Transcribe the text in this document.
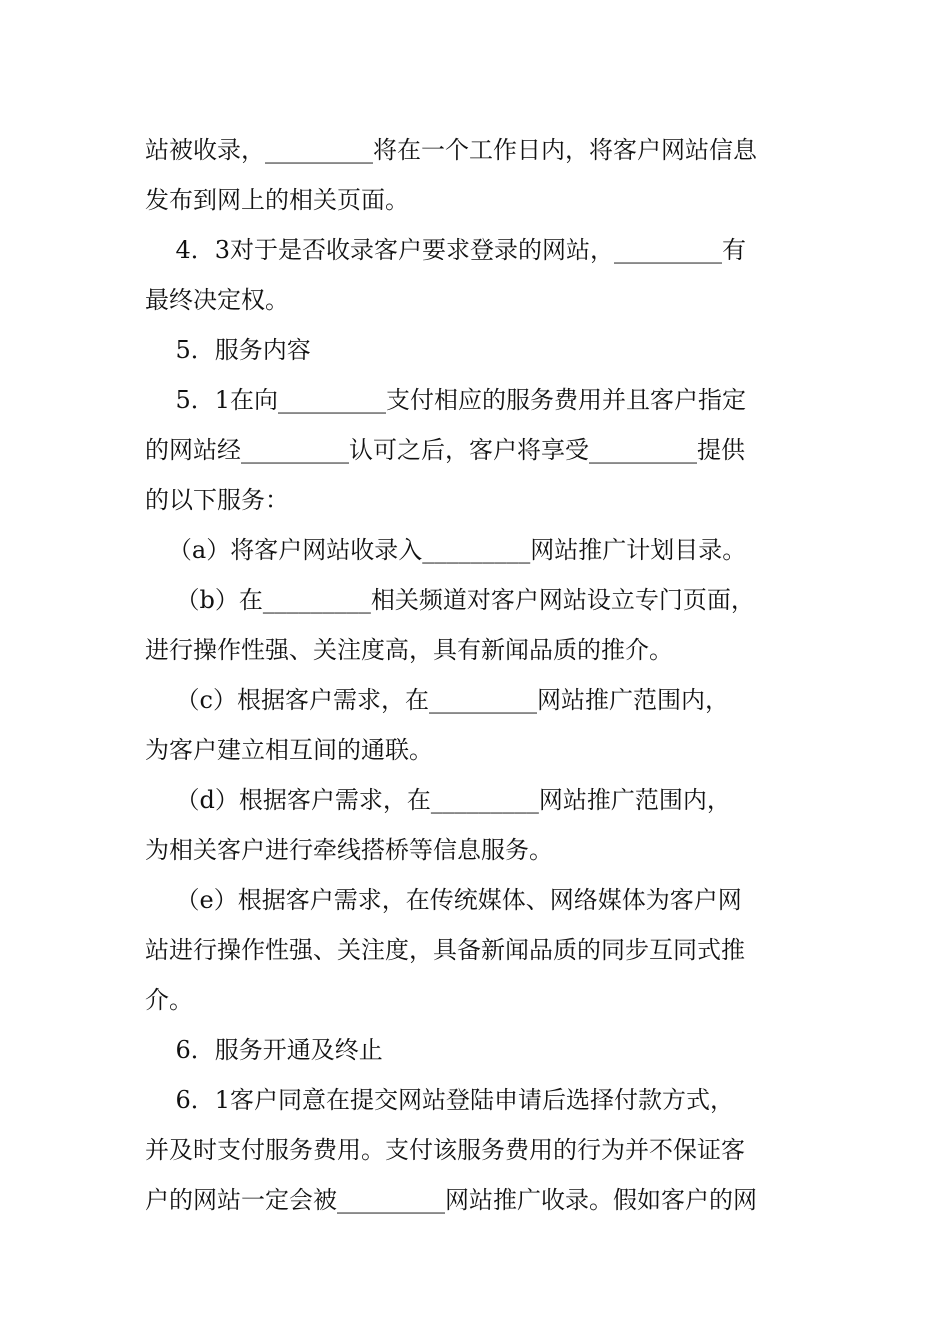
站被收录，_________将在一个工作日内，将客户网站信息
发布到网上的相关页面。
4．3对于是否收录客户要求登录的网站，_________有
最终决定权。
5．服务内容
5．1在向_________支付相应的服务费用并且客户指定
的网站经_________认可之后，客户将享受_________提供
的以下服务：
（a）将客户网站收录入_________网站推广计划目录。
（b）在_________相关频道对客户网站设立专门页面，
进行操作性强、关注度高，具有新闻品质的推介。
（c）根据客户需求，在_________网站推广范围内，
为客户建立相互间的通联。
（d）根据客户需求，在_________网站推广范围内，
为相关客户进行牵线搭桥等信息服务。
（e）根据客户需求，在传统媒体、网络媒体为客户网
站进行操作性强、关注度，具备新闻品质的同步互同式推
介。
6．服务开通及终止
6．1客户同意在提交网站登陆申请后选择付款方式，
并及时支付服务费用。支付该服务费用的行为并不保证客
户的网站一定会被_________网站推广收录。假如客户的网
